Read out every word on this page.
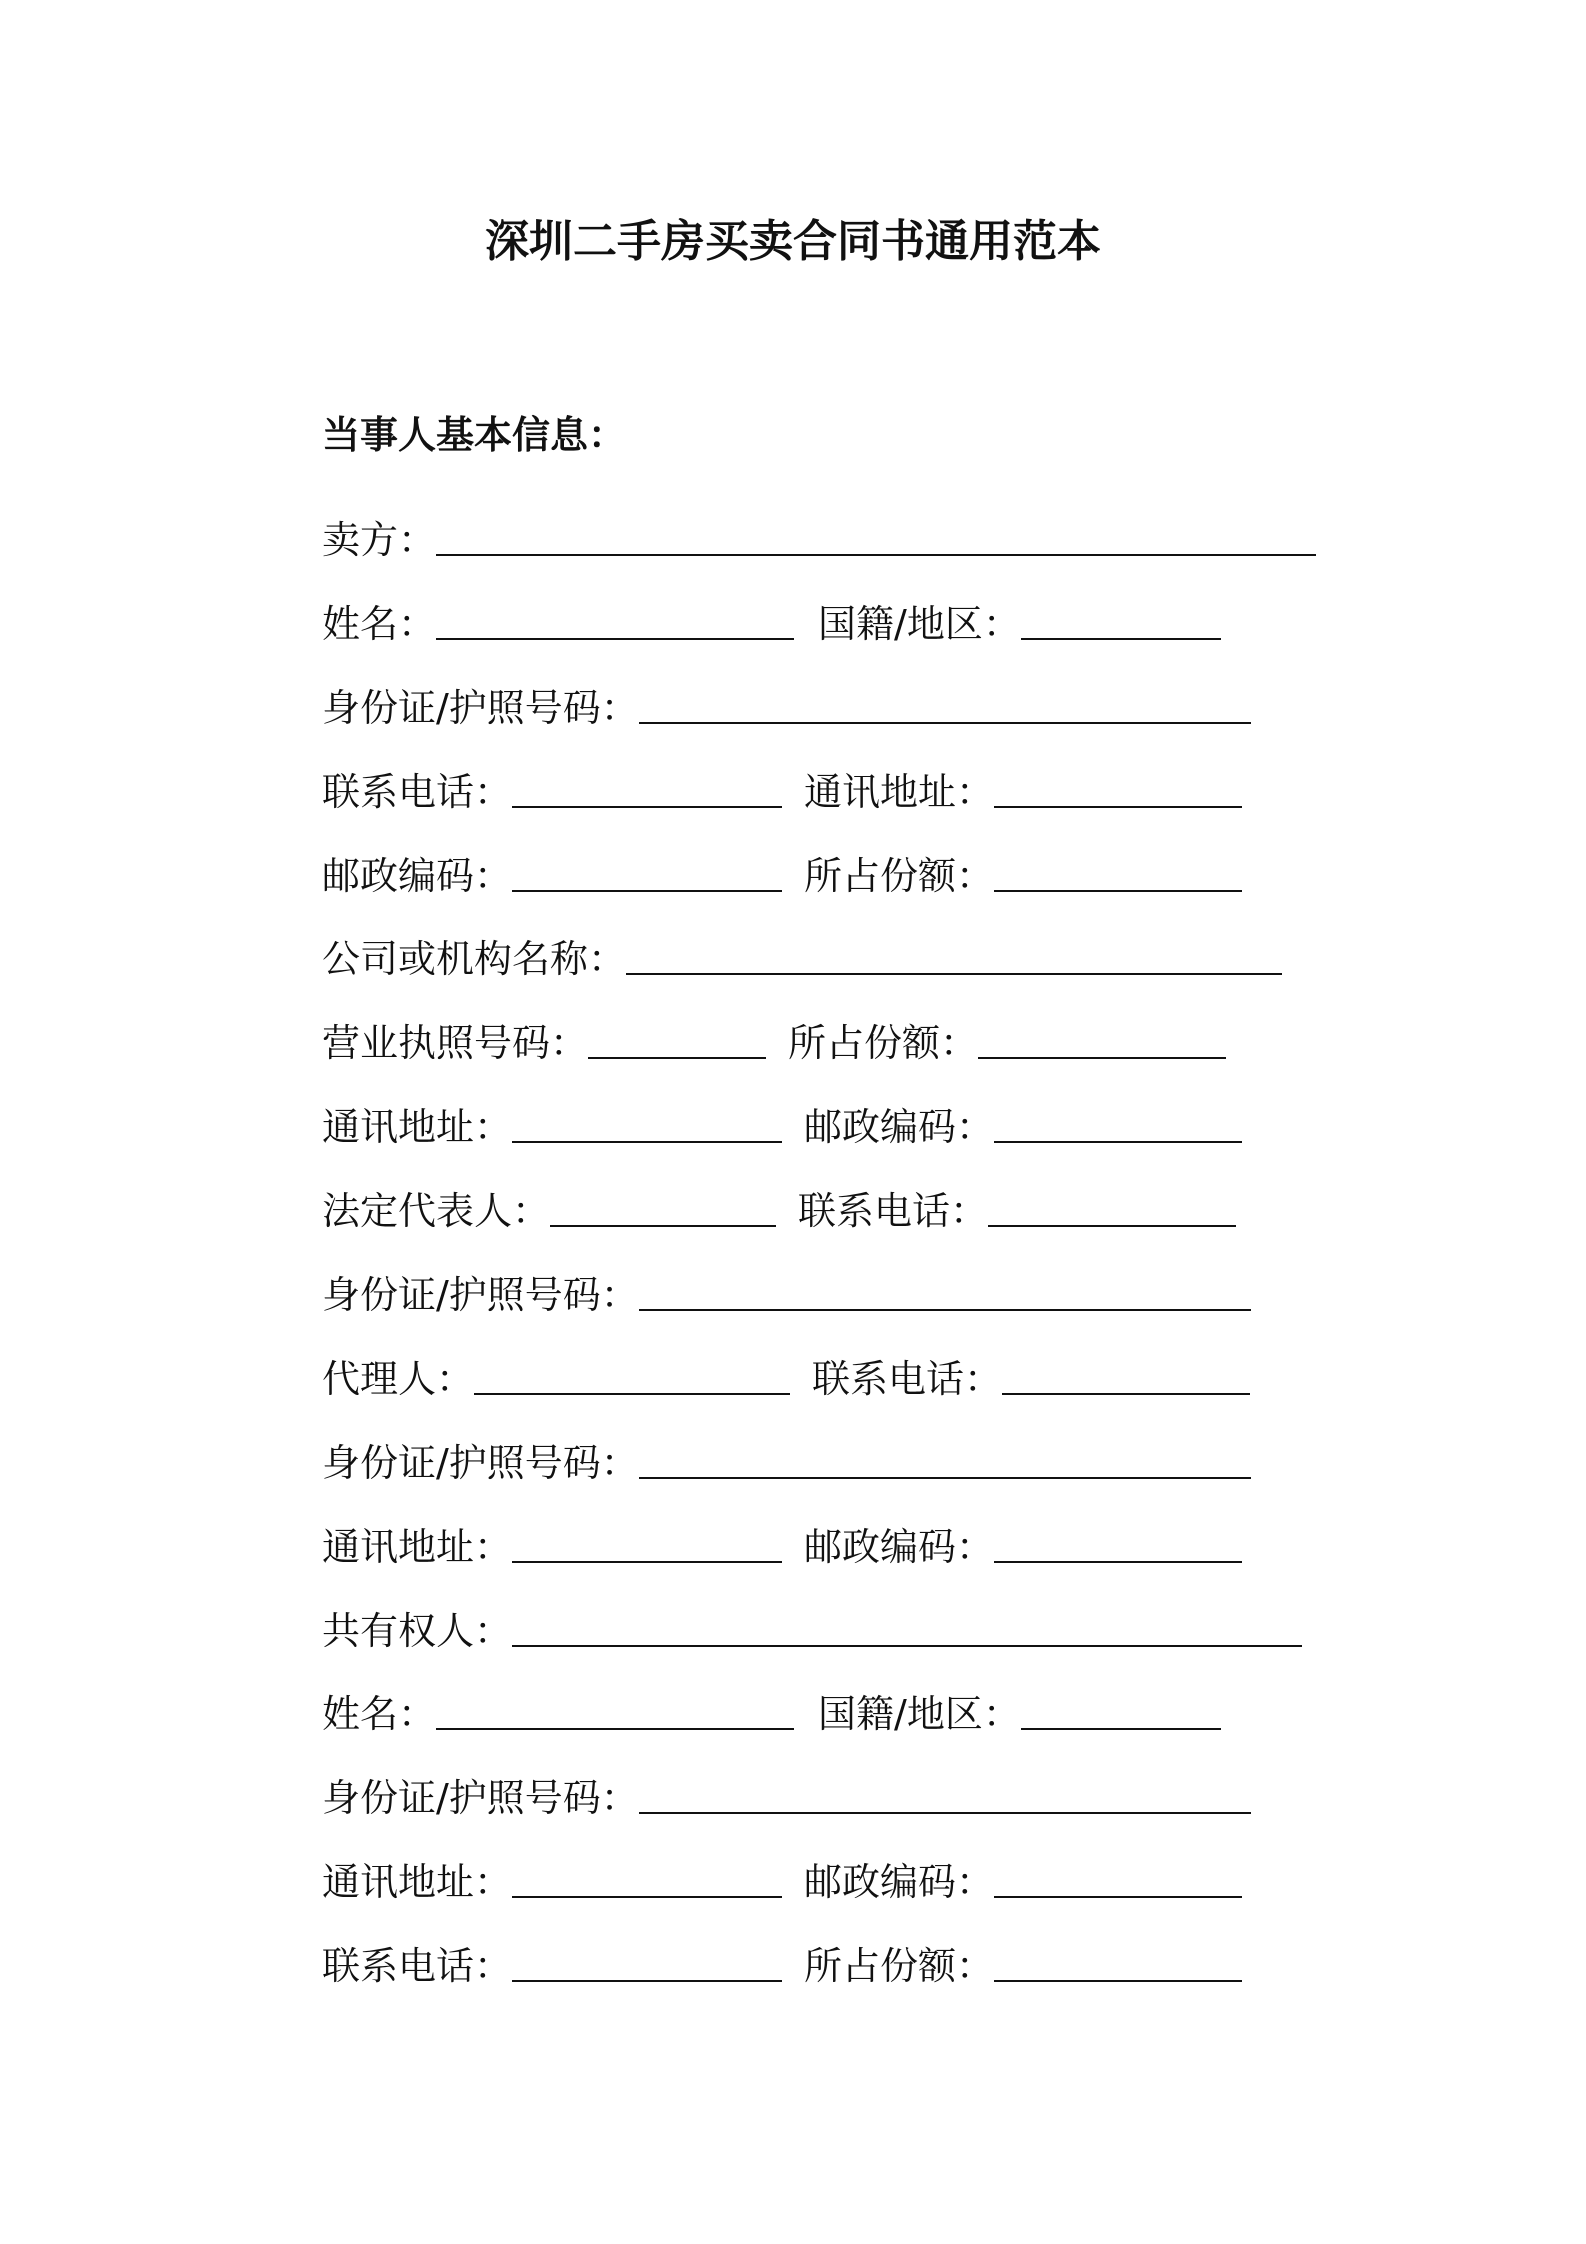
深圳二手房买卖合同书通用范本
当事人基本信息：
卖方：
姓名：	国籍/地区：
身份证/护照号码：
联系电话：	通讯地址：
邮政编码：	所占份额：
公司或机构名称：
营业执照号码：	所占份额：
通讯地址：	邮政编码：
法定代表人：	联系电话：
身份证/护照号码：
代理人：	联系电话：
身份证/护照号码：
通讯地址：	邮政编码：
共有权人：
姓名：	国籍/地区：
身份证/护照号码：
通讯地址：	邮政编码：
联系电话：	所占份额：
